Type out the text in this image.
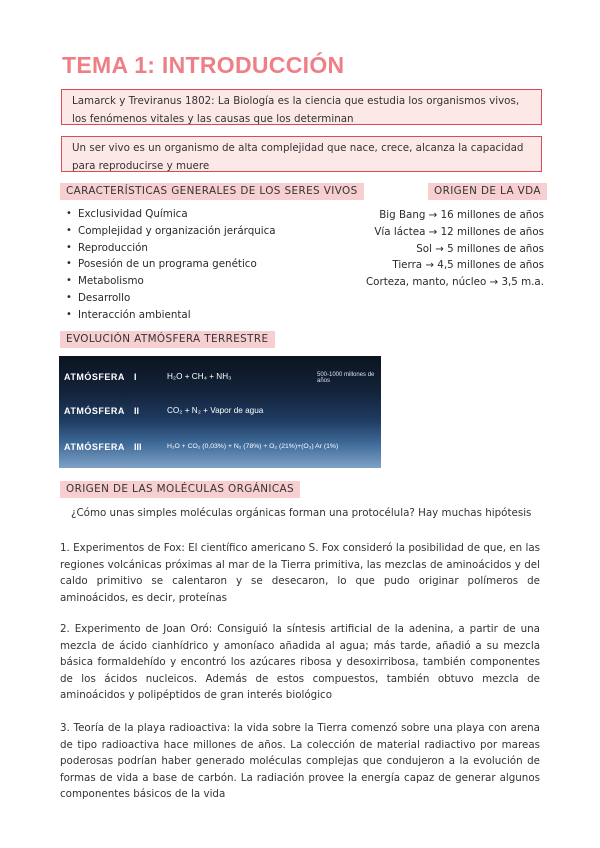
TEMA 1: INTRODUCCIÓN
Lamarck y Treviranus 1802: La Biología es la ciencia que estudia los organismos vivos, los fenómenos vitales y las causas que los determinan
Un ser vivo es un organismo de alta complejidad que nace, crece, alcanza la capacidad para reproducirse y muere
CARACTERÍSTICAS GENERALES DE LOS SERES VIVOS
• Exclusividad Química
• Complejidad y organización jerárquica
• Reproducción
• Posesión de un programa genético
• Metabolismo
• Desarrollo
• Interacción ambiental
ORIGEN DE LA VDA
Big Bang → 16 millones de años
Vía láctea → 12 millones de años
Sol → 5 millones de años
Tierra → 4,5 millones de años
Corteza, manto, núcleo → 3,5 m.a.
EVOLUCIÓN ATMÓSFERA TERRESTRE
ATMÓSFERA I	H₂O + CH₄ + NH₃	500-1000 millones de años
ATMÓSFERA II	CO₂ + N₂ + Vapor de agua
ATMÓSFERA III	H₂O + CO₂ (0,03%) + N₂ (78%) + O₂ (21%)+(O₃) Ar (1%)
ORIGEN DE LAS MOLÉCULAS ORGÁNICAS
¿Cómo unas simples moléculas orgánicas forman una protocélula? Hay muchas hipótesis
1. Experimentos de Fox: El científico americano S. Fox consideró la posibilidad de que, en las regiones volcánicas próximas al mar de la Tierra primitiva, las mezclas de aminoácidos y del caldo primitivo se calentaron y se desecaron, lo que pudo originar polímeros de aminoácidos, es decir, proteínas
2. Experimento de Joan Oró: Consiguió la síntesis artificial de la adenina, a partir de una mezcla de ácido cianhídrico y amoníaco añadida al agua; más tarde, añadió a su mezcla básica formaldehído y encontró los azúcares ribosa y desoxirribosa, también componentes de los ácidos nucleicos. Además de estos compuestos, también obtuvo mezcla de aminoácidos y polipéptidos de gran interés biológico
3. Teoría de la playa radioactiva: la vida sobre la Tierra comenzó sobre una playa con arena de tipo radioactiva hace millones de años. La colección de material radiactivo por mareas poderosas podrían haber generado moléculas complejas que condujeron a la evolución de formas de vida a base de carbón. La radiación provee la energía capaz de generar algunos componentes básicos de la vida
